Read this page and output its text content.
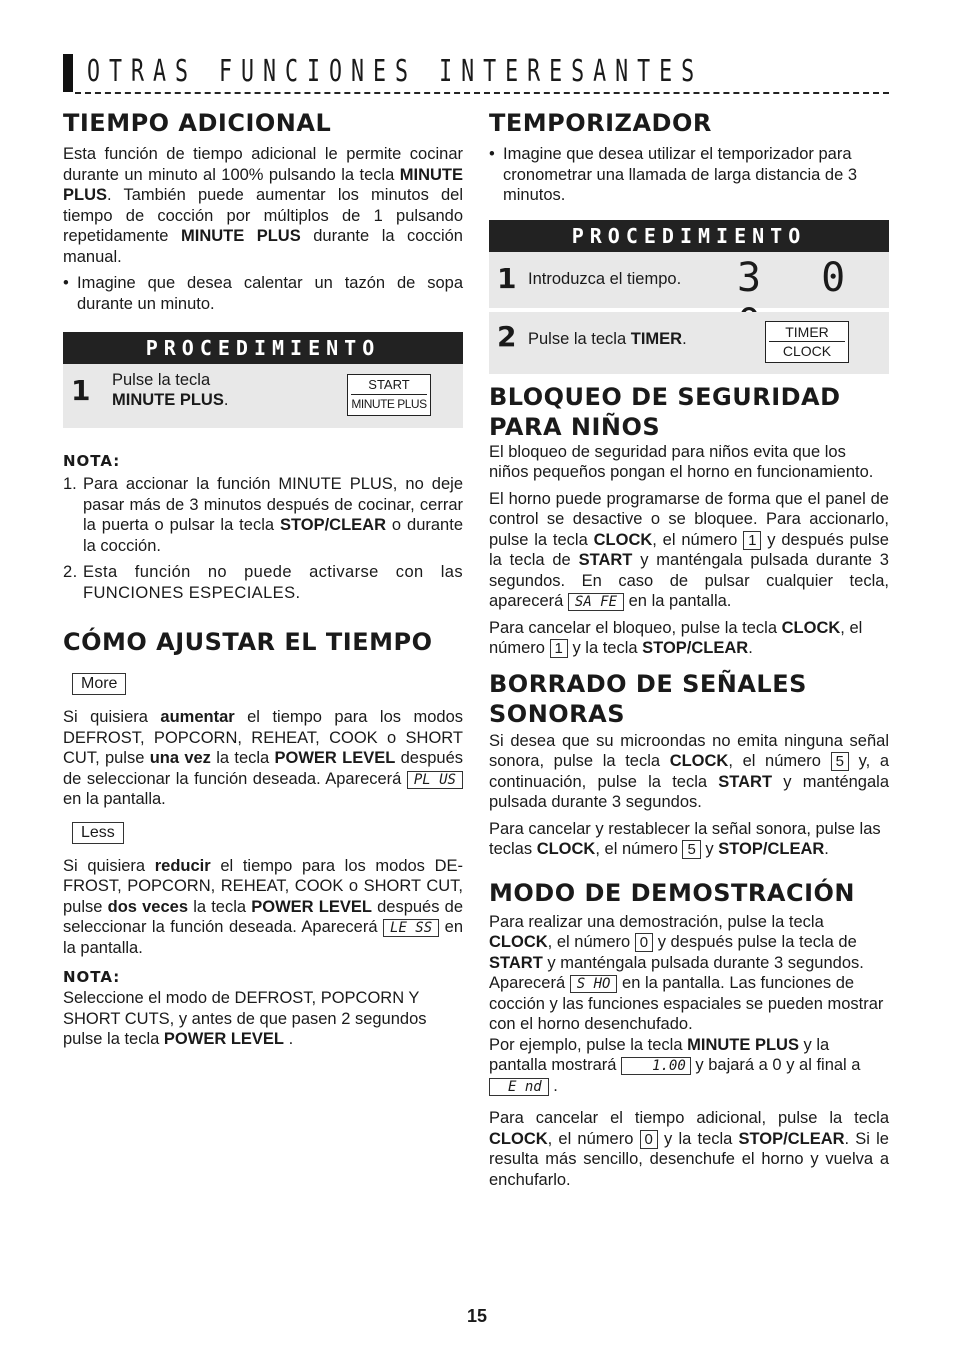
OTRAS FUNCIONES INTERESANTES
TIEMPO ADICIONAL

Esta función de tiempo adicional le permite cocinar durante un minuto al 100% pulsando la tecla MINUTE PLUS. También puede aumentar los minutos del tiempo de cocción por múltiplos de 1 pulsando repetidamente MINUTE PLUS durante la cocción manual.

• Imagine que desea calentar un tazón de sopa durante un minuto.

PROCEDIMIENTO
1 Pulse la tecla
MINUTE PLUS.
START
MINUTE PLUS
NOTA:

1. Para accionar la función MINUTE PLUS, no deje pasar más de 3 minutos después de cocinar, cerrar la puerta o pulsar la tecla STOP/CLEAR o durante la cocción.

2. Esta función no puede activarse con las FUNCIONES ESPECIALES.

CÓMO AJUSTAR EL TIEMPO
More

Si quisiera aumentar el tiempo para los modos DEFROST, POPCORN, REHEAT, COOK o SHORT CUT, pulse una vez la tecla POWER LEVEL después de seleccionar la función deseada. Aparecerá PL US en la pantalla.

Less

Si quisiera reducir el tiempo para los modos DE-FROST, POPCORN, REHEAT, COOK o SHORT CUT, pulse dos veces la tecla POWER LEVEL después de seleccionar la función deseada. Aparecerá LE SS en la pantalla.

NOTA:

Seleccione el modo de DEFROST, POPCORN Y SHORT CUTS, y antes de que pasen 2 segundos pulse la tecla POWER LEVEL .

TEMPORIZADOR

• Imagine que desea utilizar el temporizador para cronometrar una llamada de larga distancia de 3 minutos.

PROCEDIMIENTO
1 Introduzca el tiempo. 3 0
2 Pulse la tecla TIMER.	TIMER
CLOCK
BLOQUEO DE SEGURIDAD PARA NIÑOS

El bloqueo de seguridad para niños evita que los niños pequeños pongan el horno en funcionamiento.

El horno puede programarse de forma que el panel de control se desactive o se bloquee. Para accionarlo, pulse la tecla CLOCK, el número 1 y después pulse la tecla de START y manténgala pulsada durante 3 segundos. En caso de pulsar cualquier tecla, aparecerá SA FE en la pantalla.

Para cancelar el bloqueo, pulse la tecla CLOCK, el número 1 y la tecla STOP/CLEAR.

BORRADO DE SEÑALES SONORAS

Si desea que su microondas no emita ninguna señal sonora, pulse la tecla CLOCK, el número 5 y, a continuación, pulse la tecla START y manténgala pulsada durante 3 segundos.

Para cancelar y restablecer la señal sonora, pulse las teclas CLOCK, el número 5 y STOP/CLEAR.

MODO DE DEMOSTRACIÓN

Para realizar una demostración, pulse la tecla CLOCK, el número 0 y después pulse la tecla de START y manténgala pulsada durante 3 segundos.

Aparecerá S HO en la pantalla. Las funciones de cocción y las funciones espaciales se pueden mostrar con el horno desenchufado.

Por ejemplo, pulse la tecla MINUTE PLUS y la pantalla mostrará 1.00 y bajará a 0 y al final a E nd .

Para cancelar el tiempo adicional, pulse la tecla CLOCK, el número 0 y la tecla STOP/CLEAR. Si le resulta más sencillo, desenchufe el horno y vuelva a enchufarlo.

15
